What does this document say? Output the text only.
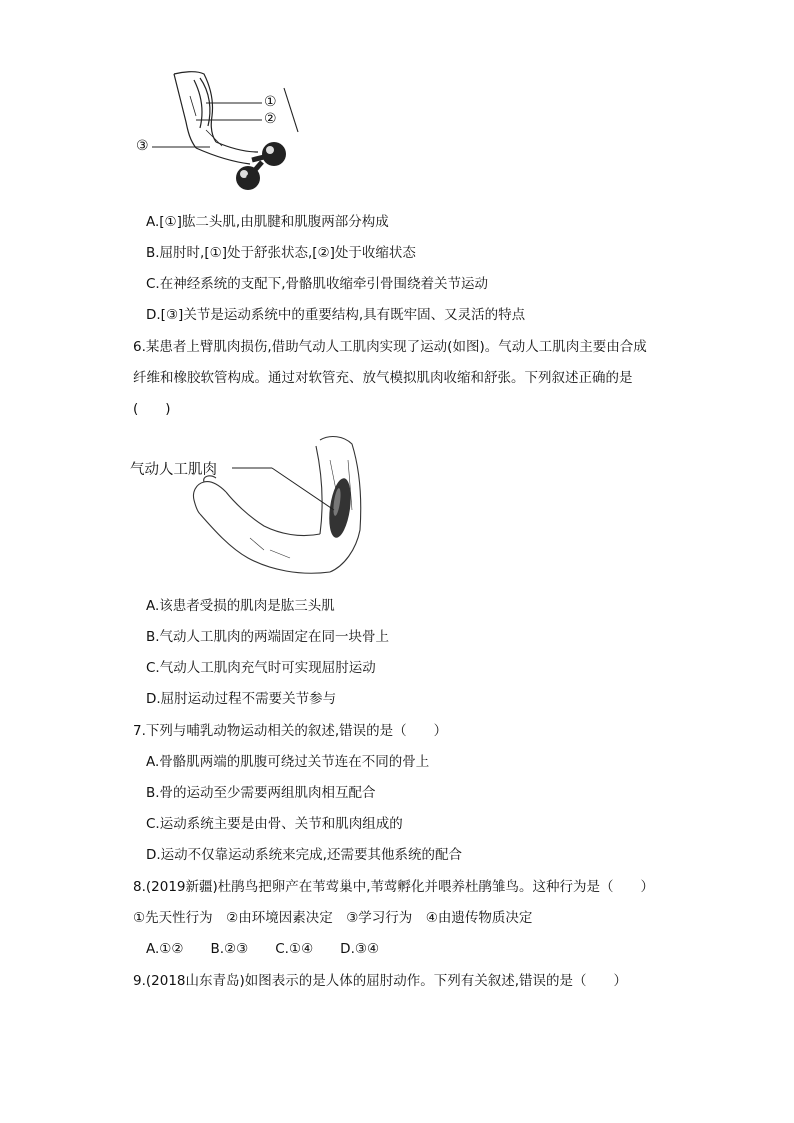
①
②
③
A.[①]肱二头肌,由肌腱和肌腹两部分构成
B.屈肘时,[①]处于舒张状态,[②]处于收缩状态
C.在神经系统的支配下,骨骼肌收缩牵引骨围绕着关节运动
D.[③]关节是运动系统中的重要结构,具有既牢固、又灵活的特点
6.某患者上臂肌肉损伤,借助气动人工肌肉实现了运动(如图)。气动人工肌肉主要由合成
纤维和橡胶软管构成。通过对软管充、放气模拟肌肉收缩和舒张。下列叙述正确的是
(　　)
气动人工肌肉
A.该患者受损的肌肉是肱三头肌
B.气动人工肌肉的两端固定在同一块骨上
C.气动人工肌肉充气时可实现屈肘运动
D.屈肘运动过程不需要关节参与
7.下列与哺乳动物运动相关的叙述,错误的是（　　）
A.骨骼肌两端的肌腹可绕过关节连在不同的骨上
B.骨的运动至少需要两组肌肉相互配合
C.运动系统主要是由骨、关节和肌肉组成的
D.运动不仅靠运动系统来完成,还需要其他系统的配合
8.(2019新疆)杜鹃鸟把卵产在苇莺巢中,苇莺孵化并喂养杜鹃雏鸟。这种行为是（　　）
①先天性行为　②由环境因素决定　③学习行为　④由遗传物质决定
A.①②　　B.②③　　C.①④　　D.③④
9.(2018山东青岛)如图表示的是人体的屈肘动作。下列有关叙述,错误的是（　　）
